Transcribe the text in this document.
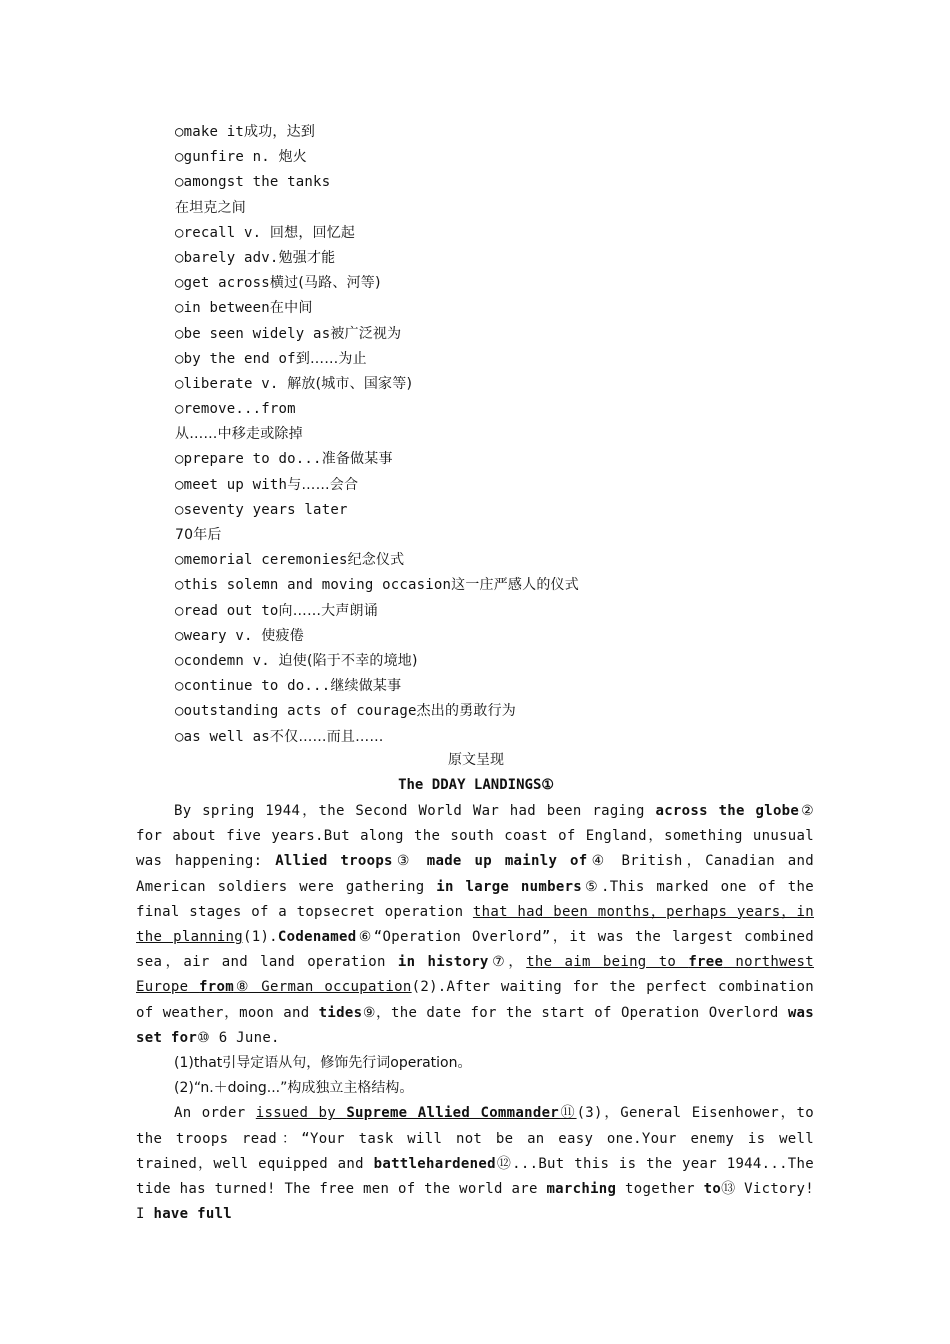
○make it成功，达到
○gunfire n. 炮火
○amongst the tanks
在坦克之间
○recall v. 回想，回忆起
○barely adv.勉强才能
○get across横过(马路、河等)
○in between在中间
○be seen widely as被广泛视为
○by the end of到……为止
○liberate v. 解放(城市、国家等)
○remove...from
从……中移走或除掉
○prepare to do...准备做某事
○meet up with与……会合
○seventy years later
70年后
○memorial ceremonies纪念仪式
○this solemn and moving occasion这一庄严感人的仪式
○read out to向……大声朗诵
○weary v. 使疲倦
○condemn v. 迫使(陷于不幸的境地)
○continue to do...继续做某事
○outstanding acts of courage杰出的勇敢行为
○as well as不仅……而且……
原文呈现
The DDAY LANDINGS①

By spring 1944，the Second World War had been raging across the globe② for about five years.But along the south coast of England，something unusual was happening: Allied troops③ made up mainly of④ British，Canadian and American soldiers were gathering in large numbers⑤.This marked one of the final stages of a topsecret operation that had been months，perhaps years，in the planning(1).Codenamed⑥“Operation Overlord”，it was the largest combined sea，air and land operation in history⑦，the aim being to free northwest Europe from⑧ German occupation(2).After waiting for the perfect combination of weather，moon and tides⑨，the date for the start of Operation Overlord was set for⑩ 6 June.

(1)that引导定语从句，修饰先行词operation。

(2)“n.＋doing...”构成独立主格结构。

An order issued by Supreme Allied Commander⑪(3)，General Eisenhower，to the troops read：“Your task will not be an easy one.Your enemy is well trained，well equipped and battlehardened⑫...But this is the year 1944...The tide has turned! The free men of the world are marching together to⑬ Victory! I have full
